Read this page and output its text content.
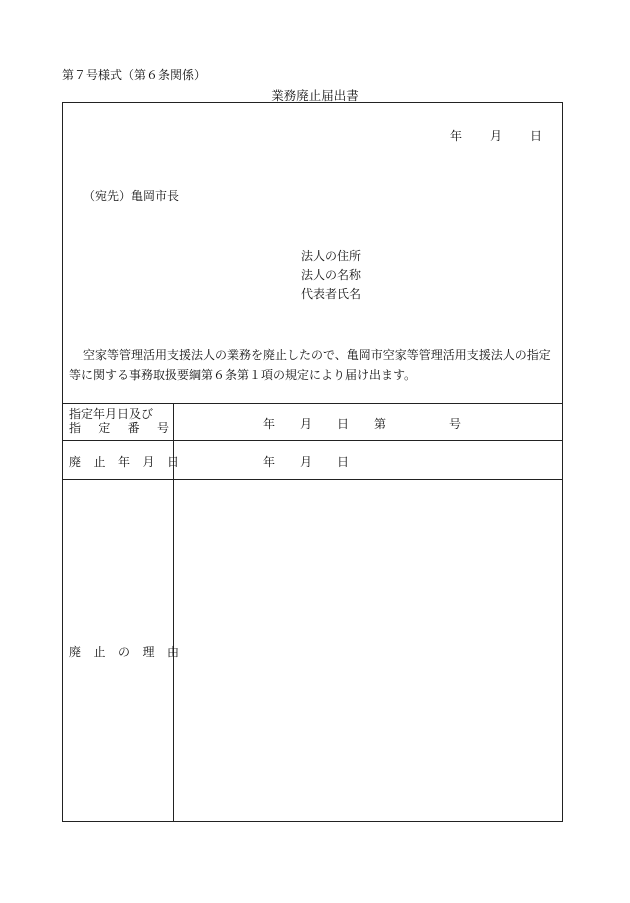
第７号様式（第６条関係）
業務廃止届出書
年 月 日
（宛先）亀岡市長
法人の住所
法人の名称
代表者氏名
空家等管理活用支援法人の業務を廃止したので、亀岡市空家等管理活用支援法人の指定等に関する事務取扱要綱第６条第１項の規定により届け出ます。
指定年月日及び
指 定 番 号	年	月	日	第	号
廃 止 年 月 日	年	月	日
廃 止 の 理 由
